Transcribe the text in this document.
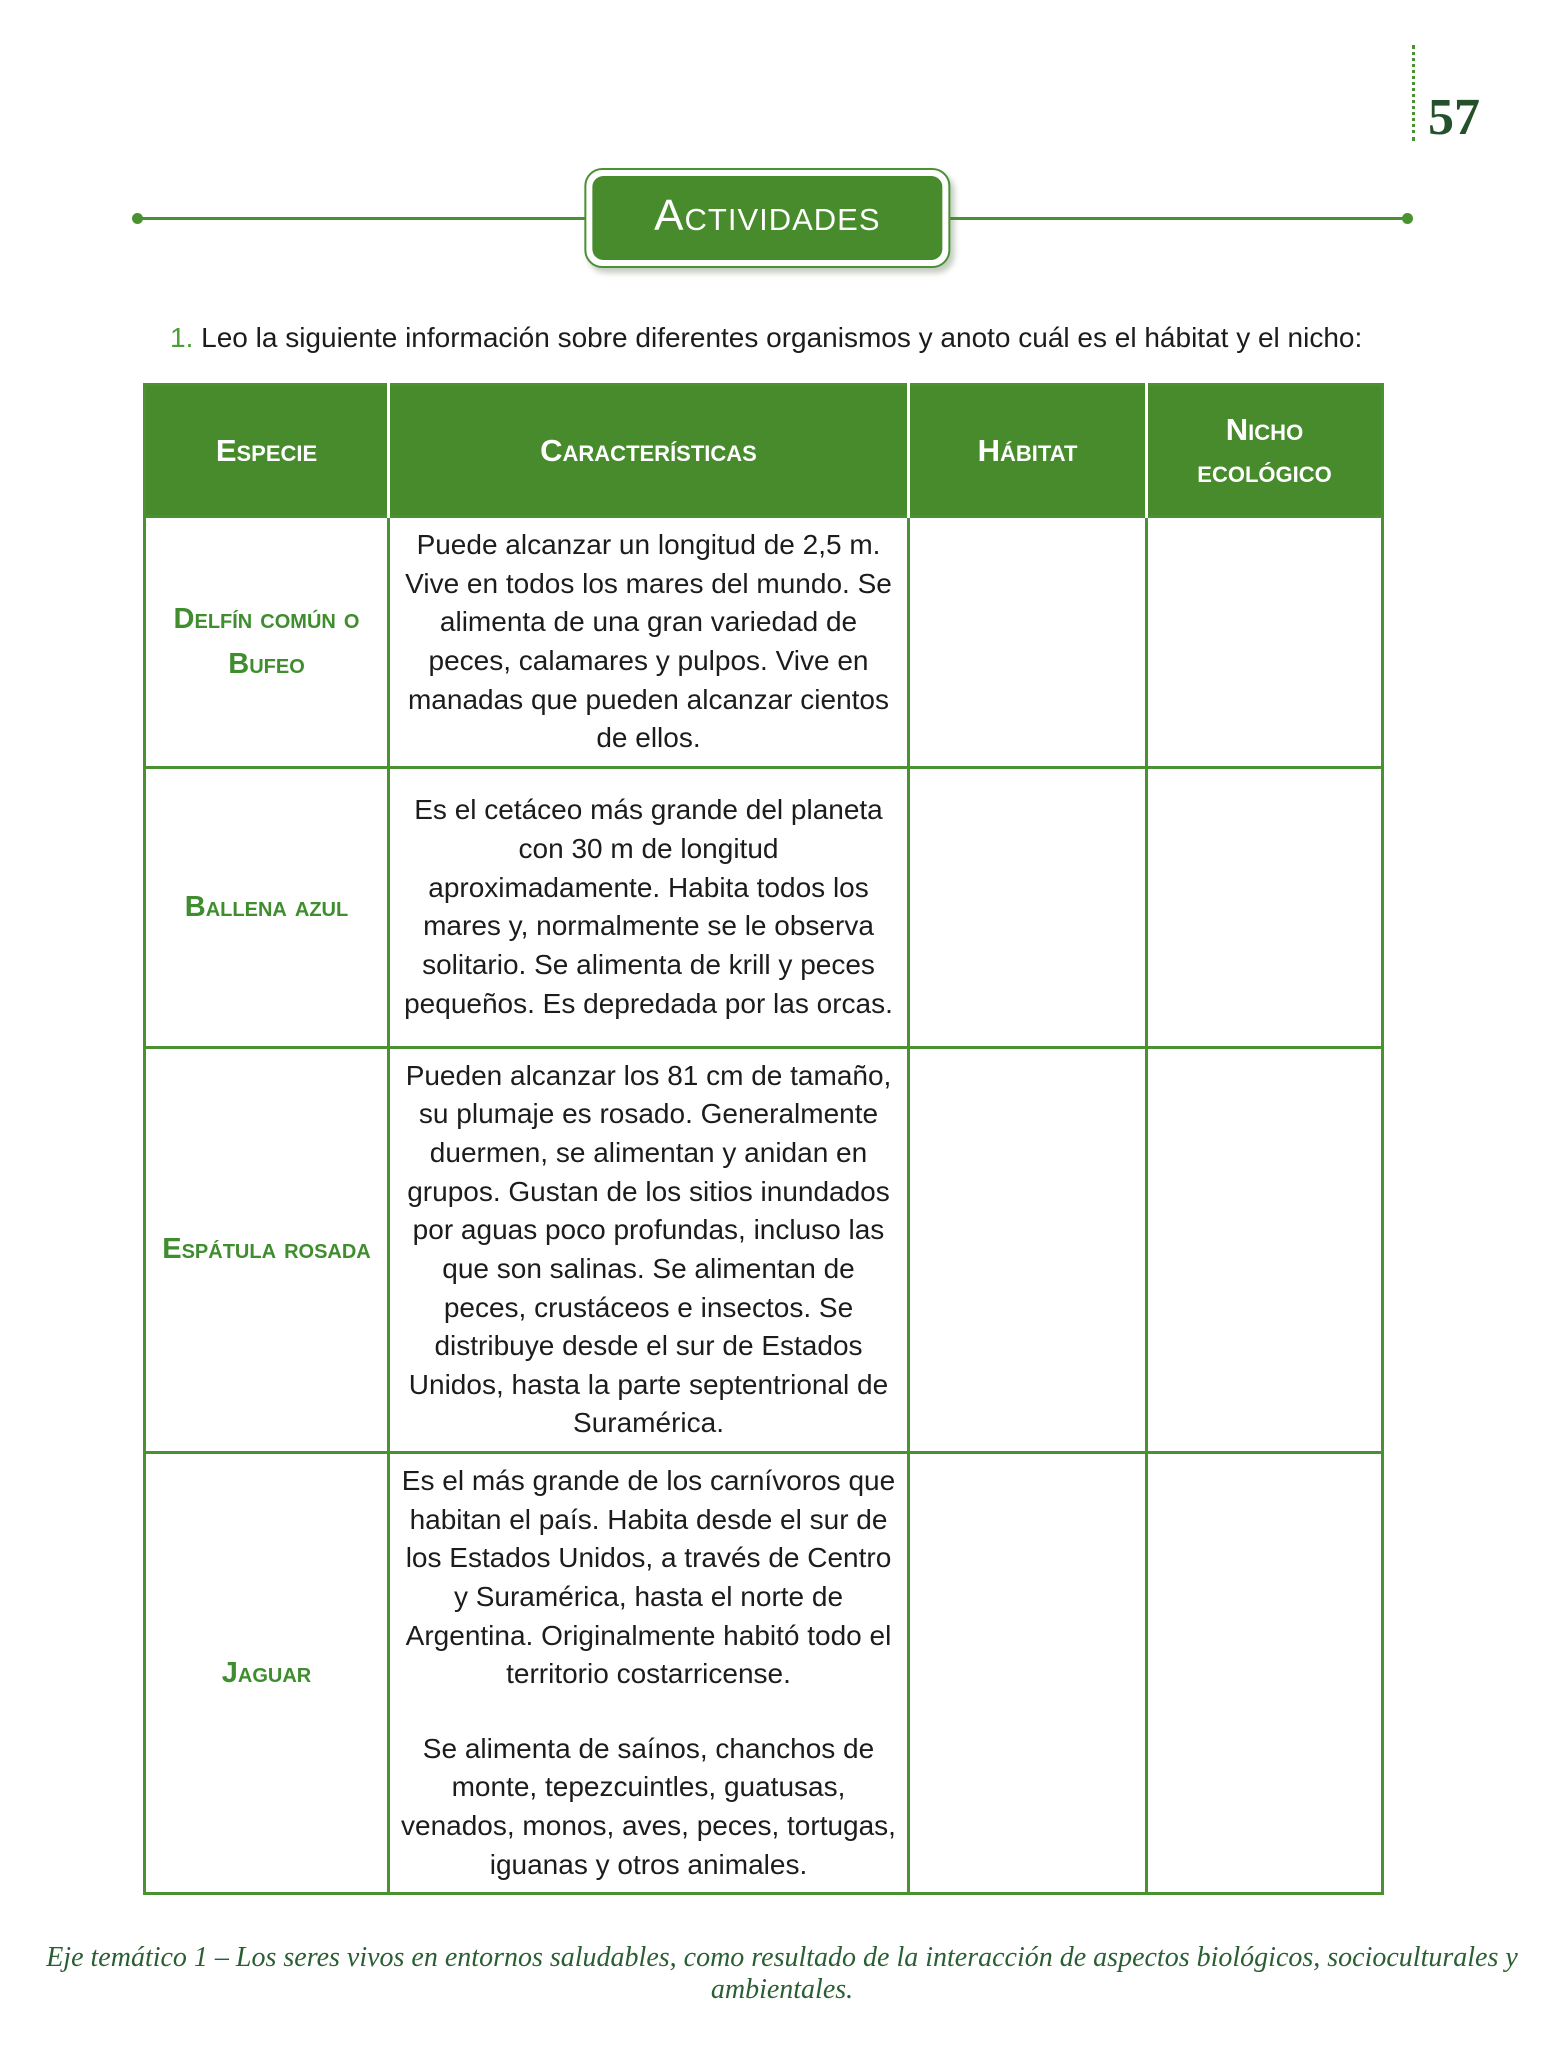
57
Actividades

1. Leo la siguiente información sobre diferentes organismos y anoto cuál es el hábitat y el nicho:

Especie	Características	Hábitat	Nicho ecológico
Delfín común o Bufeo	Puede alcanzar un longitud de 2,5 m. Vive en todos los mares del mundo. Se alimenta de una gran variedad de peces, calamares y pulpos. Vive en manadas que pueden alcanzar cientos de ellos.		

Ballena azul	Es el cetáceo más grande del planeta con 30 m de longitud aproximadamente. Habita todos los mares y, normalmente se le observa solitario. Se alimenta de krill y peces pequeños. Es depredada por las orcas.		

Espátula rosada	Pueden alcanzar los 81 cm de tamaño, su plumaje es rosado. Generalmente duermen, se alimentan y anidan en grupos. Gustan de los sitios inundados por aguas poco profundas, incluso las que son salinas. Se alimentan de peces, crustáceos e insectos. Se distribuye desde el sur de Estados Unidos, hasta la parte septentrional de Suramérica.		

Jaguar	Es el más grande de los carnívoros que habitan el país. Habita desde el sur de los Estados Unidos, a través de Centro y Suramérica, hasta el norte de Argentina. Originalmente habitó todo el territorio costarricense.

Se alimenta de saínos, chanchos de monte, tepezcuintles, guatusas, venados, monos, aves, peces, tortugas, iguanas y otros animales.		

Eje temático 1 – Los seres vivos en entornos saludables, como resultado de la interacción de aspectos biológicos, socioculturales y ambientales.
